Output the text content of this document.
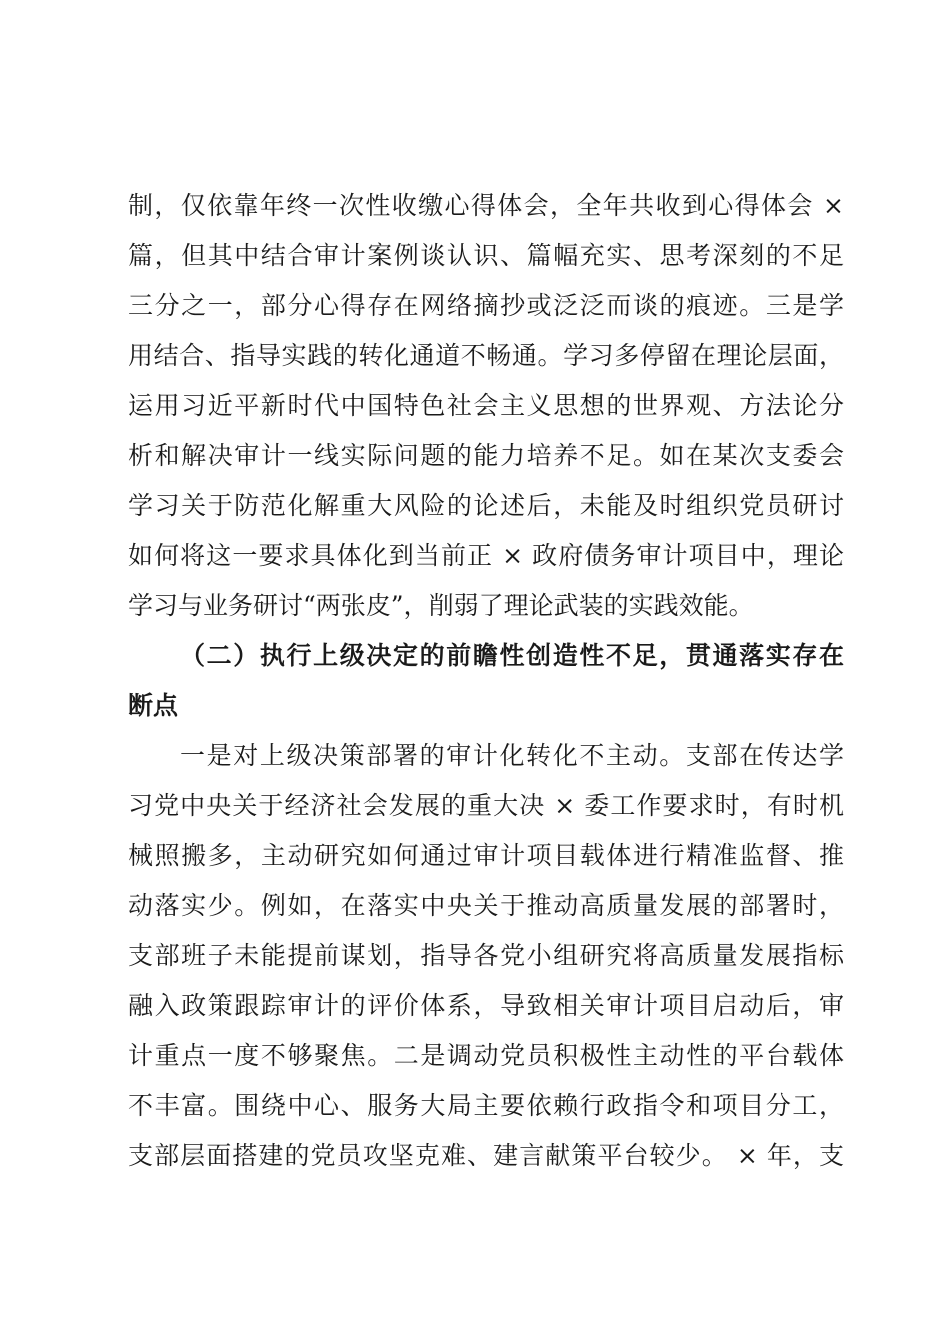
制，仅依靠年终一次性收缴心得体会，全年共收到心得体会 ×
篇，但其中结合审计案例谈认识、篇幅充实、思考深刻的不足
三分之一，部分心得存在网络摘抄或泛泛而谈的痕迹。三是学
用结合、指导实践的转化通道不畅通。学习多停留在理论层面，
运用习近平新时代中国特色社会主义思想的世界观、方法论分
析和解决审计一线实际问题的能力培养不足。如在某次支委会
学习关于防范化解重大风险的论述后，未能及时组织党员研讨
如何将这一要求具体化到当前正 × 政府债务审计项目中，理论
学习与业务研讨“两张皮”，削弱了理论武装的实践效能。
（二）执行上级决定的前瞻性创造性不足，贯通落实存在
断点
一是对上级决策部署的审计化转化不主动。支部在传达学
习党中央关于经济社会发展的重大决 × 委工作要求时，有时机
械照搬多，主动研究如何通过审计项目载体进行精准监督、推
动落实少。例如，在落实中央关于推动高质量发展的部署时，
支部班子未能提前谋划，指导各党小组研究将高质量发展指标
融入政策跟踪审计的评价体系，导致相关审计项目启动后，审
计重点一度不够聚焦。二是调动党员积极性主动性的平台载体
不丰富。围绕中心、服务大局主要依赖行政指令和项目分工，
支部层面搭建的党员攻坚克难、建言献策平台较少。 × 年，支
